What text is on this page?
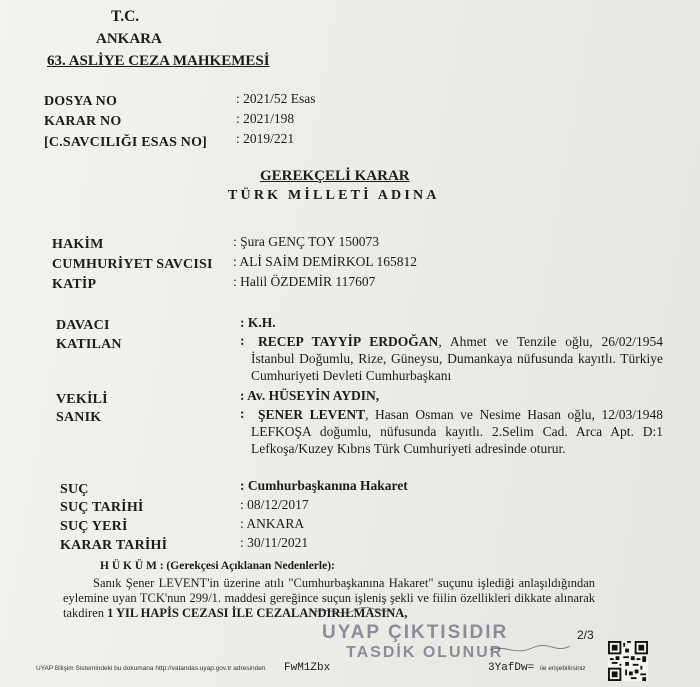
T.C.
ANKARA
63. ASLİYE CEZA MAHKEMESİ
DOSYA NO	: 2021/52 Esas
KARAR NO	: 2021/198
[C.SAVCILIĞI ESAS NO] : 2019/221
GEREKÇELİ KARAR
TÜRK MİLLETİ ADINA
HAKİM	: Şura GENÇ TOY 150073
CUMHURİYET SAVCISI : ALİ SAİM DEMİRKOL 165812
KATİP	: Halil ÖZDEMİR 117607
DAVACI	: K.H.
KATILAN	:	RECEP TAYYİP ERDOĞAN, Ahmet ve Tenzile oğlu, 26/02/1954 İstanbul Doğumlu, Rize, Güneysu, Dumankaya nüfusunda kayıtlı. Türkiye Cumhuriyeti Devleti Cumhurbaşkanı
VEKİLİ	: Av. HÜSEYİN AYDIN,
SANIK	:	ŞENER LEVENT, Hasan Osman ve Nesime Hasan oğlu, 12/03/1948 LEFKOŞA doğumlu, nüfusunda kayıtlı. 2.Selim Cad. Arca Apt. D:1 Lefkoşa/Kuzey Kıbrıs Türk Cumhuriyeti adresinde oturur.
SUÇ	: Cumhurbaşkanına Hakaret
SUÇ TARİHİ	: 08/12/2017
SUÇ YERİ	: ANKARA
KARAR TARİHİ	: 30/11/2021
H Ü K Ü M : (Gerekçesi Açıklanan Nedenlerle):
Sanık Şener LEVENT'in üzerine atılı "Cumhurbaşkanına Hakaret" suçunu işlediği anlaşıldığından eylemine uyan TCK'nun 299/1. maddesi gereğince suçun işleniş şekli ve fiilin özellikleri dikkate alınarak takdiren 1 YIL HAPİS CEZASI İLE CEZALANDIRILMASINA,
UYAP ÇIKTISIDIR
TASDİK OLUNUR
2/3
UYAP Bilişim Sistemindeki bu dokumana http://vatandas.uyap.gov.tr adresinden FwM1Zbx	3YafDw= ile erişebilirsiniz
